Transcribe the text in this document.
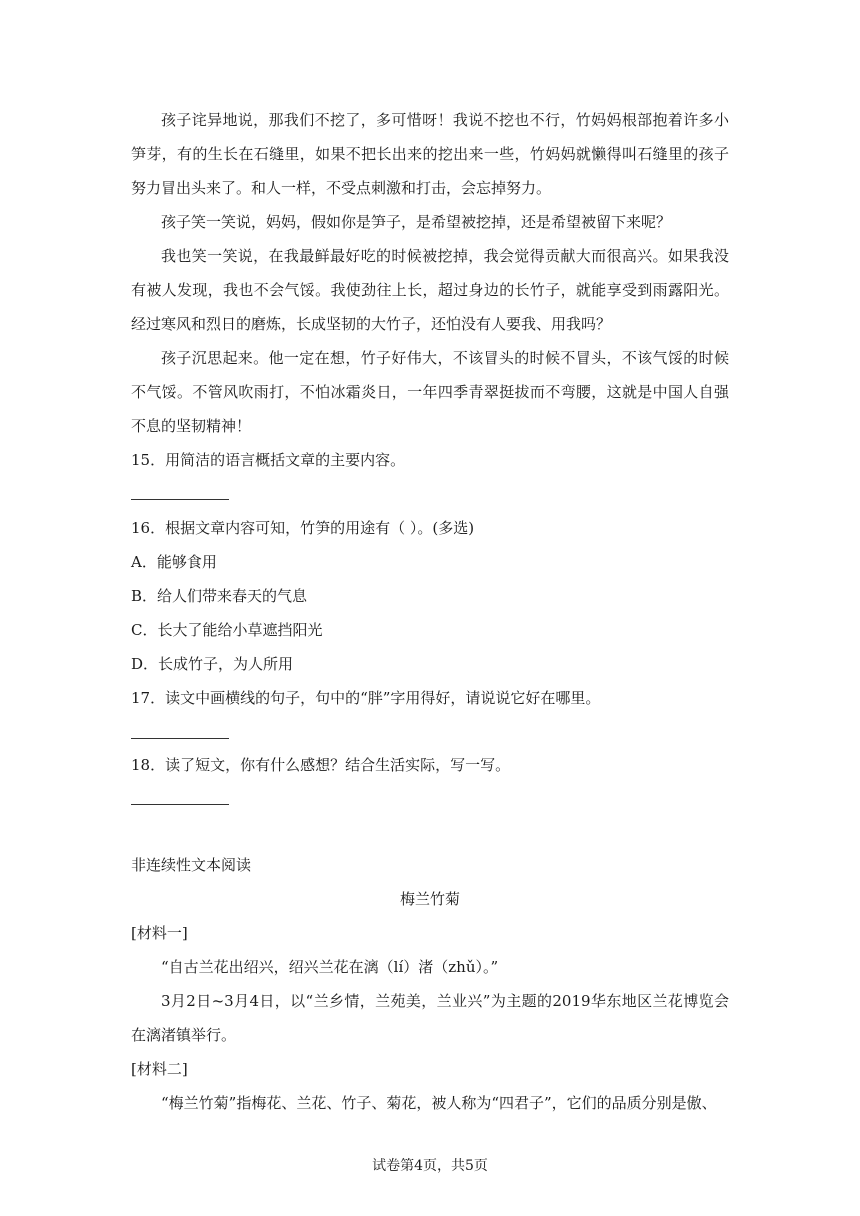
孩子诧异地说，那我们不挖了，多可惜呀！我说不挖也不行，竹妈妈根部抱着许多小笋芽，有的生长在石缝里，如果不把长出来的挖出来一些，竹妈妈就懒得叫石缝里的孩子努力冒出头来了。和人一样，不受点刺激和打击，会忘掉努力。

孩子笑一笑说，妈妈，假如你是笋子，是希望被挖掉，还是希望被留下来呢？

我也笑一笑说，在我最鲜最好吃的时候被挖掉，我会觉得贡献大而很高兴。如果我没有被人发现，我也不会气馁。我使劲往上长，超过身边的长竹子，就能享受到雨露阳光。经过寒风和烈日的磨炼，长成坚韧的大竹子，还怕没有人要我、用我吗？

孩子沉思起来。他一定在想，竹子好伟大，不该冒头的时候不冒头，不该气馁的时候不气馁。不管风吹雨打，不怕冰霜炎日，一年四季青翠挺拔而不弯腰，这就是中国人自强不息的坚韧精神！

15．用简洁的语言概括文章的主要内容。

16．根据文章内容可知，竹笋的用途有（ ）。(多选)

A．能够食用

B．给人们带来春天的气息

C．长大了能给小草遮挡阳光

D．长成竹子，为人所用

17．读文中画横线的句子，句中的“胖”字用得好，请说说它好在哪里。

18．读了短文，你有什么感想？结合生活实际，写一写。

非连续性文本阅读

梅兰竹菊

[材料一]

“自古兰花出绍兴，绍兴兰花在漓（lí）渚（zhǔ）。”

3月2日~3月4日，以“兰乡情，兰苑美，兰业兴”为主题的2019华东地区兰花博览会在漓渚镇举行。

[材料二]

“梅兰竹菊”指梅花、兰花、竹子、菊花，被人称为“四君子”，它们的品质分别是傲、

试卷第4页，共5页
